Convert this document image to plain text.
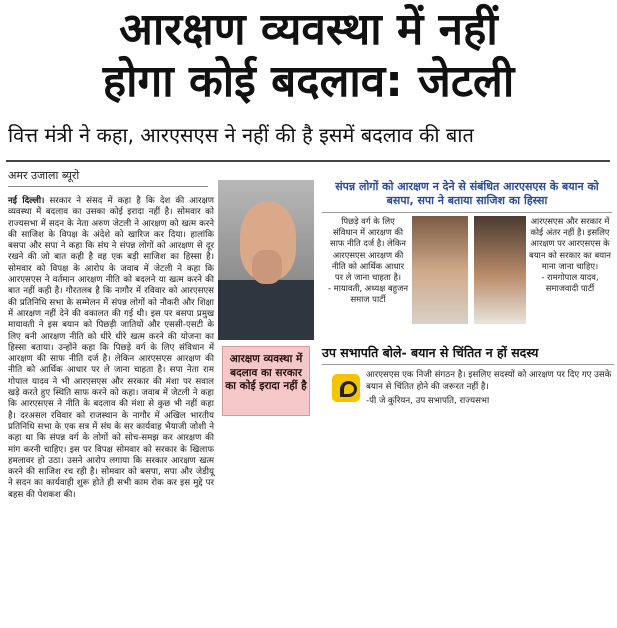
आरक्षण व्यवस्था में नहीं
होगा कोई बदलाव: जेटली
वित्त मंत्री ने कहा, आरएसएस ने नहीं की है इसमें बदलाव की बात
अमर उजाला ब्यूरो
नई दिल्ली। सरकार ने संसद में कहा है कि देश की आरक्षण व्यवस्था में बदलाव का उसका कोई इरादा नहीं है। सोमवार को राज्यसभा में सदन के नेता अरुण जेटली ने आरक्षण को खत्म करने की साजिश के विपक्ष के अंदेशे को खारिज कर दिया। हालांकि बसपा और सपा ने कहा कि संघ ने संपन्न लोगों को आरक्षण से दूर रखने की जो बात कही है वह एक बड़ी साजिश का हिस्सा है। सोमवार को विपक्ष के आरोप के जवाब में जेटली ने कहा कि आरएसएस ने वर्तमान आरक्षण नीति को बदलने या खत्म करने की बात नहीं कही है। गौरतलब है कि नागौर में रविवार को आरएसएस की प्रतिनिधि सभा के सम्मेलन में संपन्न लोगों को नौकरी और शिक्षा में आरक्षण नहीं देने की वकालत की गई थी। इस पर बसपा प्रमुख मायावती ने इस बयान को पिछड़ी जातियों और एससी-एसटी के लिए बनी आरक्षण नीति को धीरे धीरे खत्म करने की योजना का हिस्सा बताया। उन्होंने कहा कि पिछड़े वर्ग के लिए संविधान में आरक्षण की साफ नीति दर्ज है। लेकिन आरएसएस आरक्षण की नीति को आर्थिक आधार पर ले जाना चाहता है। सपा नेता राम गोपाल यादव ने भी आरएसएस और सरकार की मंशा पर सवाल खड़े करते हुए स्थिति साफ करने को कहा। जवाब में जेटली ने कहा कि आरएसएस ने नीति के बदलाव की मंशा से कुछ भी नहीं कहा है। दरअसल रविवार को राजस्थान के नागौर में अखिल भारतीय प्रतिनिधि सभा के एक सत्र में संघ के सर कार्यवाह भैयाजी जोशी ने कहा था कि संपन्न वर्ग के लोगों को सोच-समझ कर आरक्षण की मांग करनी चाहिए। इस पर विपक्ष सोमवार को सरकार के खिलाफ हमलावर हो उठा। उसने आरोप लगाया कि सरकार आरक्षण खत्म करने की साजिश रच रही है। सोमवार को बसपा, सपा और जेडीयू ने सदन का कार्यवाही शुरू होते ही सभी काम रोक कर इस मुद्दे पर बहस की पेशकश की।
आरक्षण व्यवस्था में बदलाव का सरकार का कोई इरादा नहीं है
संपन्न लोगों को आरक्षण न देने से संबंधित आरएसएस के बयान को बसपा, सपा ने बताया साजिश का हिस्सा
पिछड़े वर्ग के लिए संविधान में आरक्षण की साफ नीति दर्ज है। लेकिन आरएसएस आरक्षण की नीति को आर्थिक आधार पर ले जाना चाहता है।
- मायावती, अध्यक्ष बहुजन समाज पार्टी
आरएसएस और सरकार में कोई अंतर नहीं है। इसलिए आरक्षण पर आरएसएस के बयान को सरकार का बयान माना जाना चाहिए।
- रामगोपाल यादव, समाजवादी पार्टी
उप सभापति बोले- बयान से चिंतित न हों सदस्य
आरएसएस एक निजी संगठन है। इसलिए सदस्यों को आरक्षण पर दिए गए उसके बयान से चिंतित होने की जरूरत नहीं है।
-पी जे कुरियन, उप सभापति, राज्यसभा
